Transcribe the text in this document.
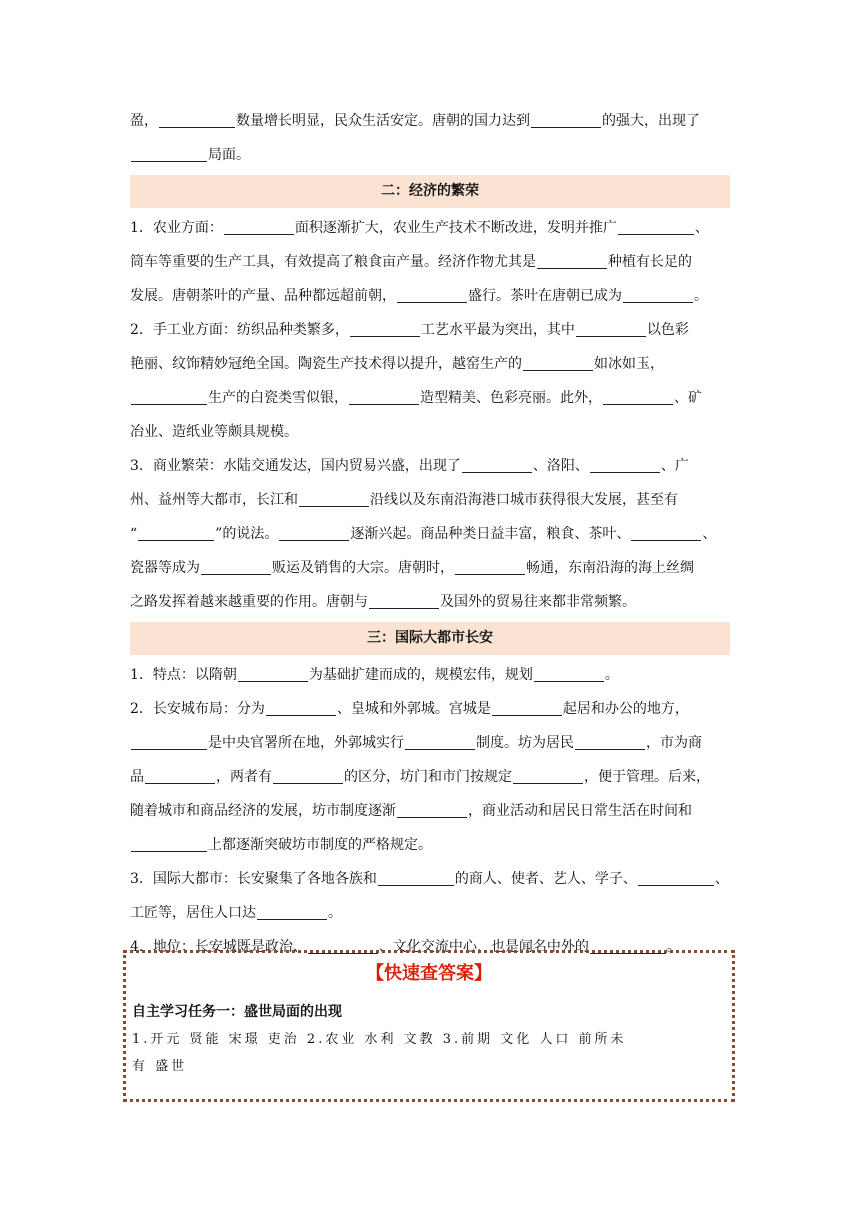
盈，	数量增长明显，民众生活安定。唐朝的国力达到	的强大，出现了

局面。

二：经济的繁荣

1．农业方面：	面积逐渐扩大，农业生产技术不断改进，发明并推广	、

筒车等重要的生产工具，有效提高了粮食亩产量。经济作物尤其是	种植有长足的

发展。唐朝茶叶的产量、品种都远超前朝，	盛行。茶叶在唐朝已成为	。

2．手工业方面：纺织品种类繁多，	工艺水平最为突出，其中	以色彩

艳丽、纹饰精妙冠绝全国。陶瓷生产技术得以提升，越窑生产的	如冰如玉，

生产的白瓷类雪似银，	造型精美、色彩亮丽。此外，	、矿

冶业、造纸业等颇具规模。

3．商业繁荣：水陆交通发达，国内贸易兴盛，出现了	、洛阳、	、广

州、益州等大都市，长江和	沿线以及东南沿海港口城市获得很大发展，甚至有

“	”的说法。	逐渐兴起。商品种类日益丰富，粮食、茶叶、	、

瓷器等成为	贩运及销售的大宗。唐朝时，	畅通，东南沿海的海上丝绸

之路发挥着越来越重要的作用。唐朝与	及国外的贸易往来都非常频繁。

三：国际大都市长安

1．特点：以隋朝	为基础扩建而成的，规模宏伟，规划	。

2．长安城布局：分为	、皇城和外郭城。宫城是	起居和办公的地方，

是中央官署所在地，外郭城实行	制度。坊为居民	，市为商

品	，两者有	的区分，坊门和市门按规定	，便于管理。后来，

随着城市和商品经济的发展，坊市制度逐渐	，商业活动和居民日常生活在时间和

上都逐渐突破坊市制度的严格规定。

3．国际大都市：长安聚集了各地各族和	的商人、使者、艺人、学子、	、

工匠等，居住人口达	。

4．地位：长安城既是政治、	、文化交流中心，也是闻名中外的	。

【快速查答案】
自主学习任务一：盛世局面的出现
1.开元 贤能 宋璟 吏治 2.农业 水利 文教 3.前期 文化 人口 前所未
有 盛世
